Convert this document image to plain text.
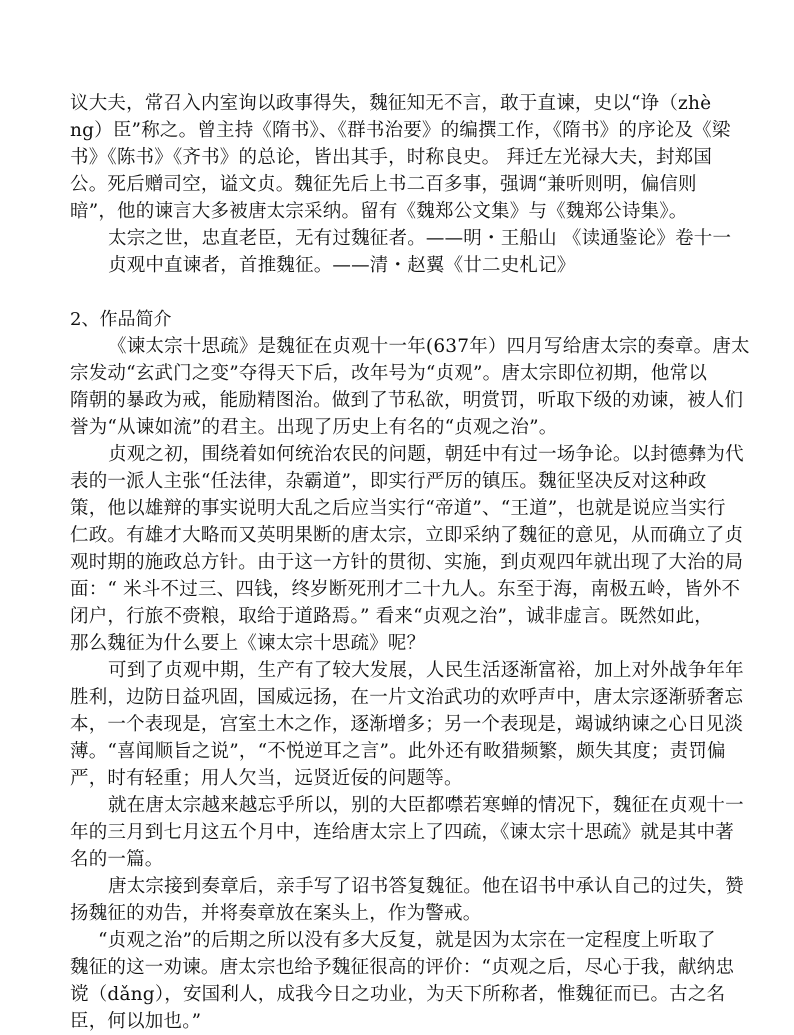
议大夫，常召入内室询以政事得失，魏征知无不言，敢于直谏，史以“诤（zhè
ng）臣”称之。曾主持《隋书》、《群书治要》的编撰工作，《隋书》的序论及《梁
书》《陈书》《齐书》的总论，皆出其手，时称良史。 拜迁左光禄大夫，封郑国
公。死后赠司空，谥文贞。魏征先后上书二百多事，强调“兼听则明，偏信则
暗”，他的谏言大多被唐太宗采纳。留有《魏郑公文集》与《魏郑公诗集》。
太宗之世，忠直老臣，无有过魏征者。——明・王船山 《读通鉴论》卷十一
贞观中直谏者，首推魏征。——清・赵翼《廿二史札记》
2、作品简介
《谏太宗十思疏》是魏征在贞观十一年(637年）四月写给唐太宗的奏章。唐太
宗发动“玄武门之变”夺得天下后，改年号为“贞观”。唐太宗即位初期，他常以
隋朝的暴政为戒，能励精图治。做到了节私欲，明赏罚，听取下级的劝谏，被人们
誉为“从谏如流”的君主。出现了历史上有名的“贞观之治”。
贞观之初，围绕着如何统治农民的问题，朝廷中有过一场争论。以封德彝为代
表的一派人主张“任法律，杂霸道”，即实行严厉的镇压。魏征坚决反对这种政
策，他以雄辩的事实说明大乱之后应当实行“帝道”、“王道”，也就是说应当实行
仁政。有雄才大略而又英明果断的唐太宗，立即采纳了魏征的意见，从而确立了贞
观时期的施政总方针。由于这一方针的贯彻、实施，到贞观四年就出现了大治的局
面：“ 米斗不过三、四钱，终岁断死刑才二十九人。东至于海，南极五岭，皆外不
闭户，行旅不赍粮，取给于道路焉。” 看来“贞观之治”，诚非虚言。既然如此，
那么魏征为什么要上《谏太宗十思疏》呢？
可到了贞观中期，生产有了较大发展，人民生活逐渐富裕，加上对外战争年年
胜利，边防日益巩固，国威远扬，在一片文治武功的欢呼声中，唐太宗逐渐骄奢忘
本，一个表现是，宫室土木之作，逐渐增多；另一个表现是，竭诚纳谏之心日见淡
薄。“喜闻顺旨之说”，“不悦逆耳之言”。此外还有畋猎频繁，颇失其度；责罚偏
严，时有轻重；用人欠当，远贤近佞的问题等。
就在唐太宗越来越忘乎所以，别的大臣都噤若寒蝉的情况下，魏征在贞观十一
年的三月到七月这五个月中，连给唐太宗上了四疏，《谏太宗十思疏》就是其中著
名的一篇。
唐太宗接到奏章后，亲手写了诏书答复魏征。他在诏书中承认自己的过失，赞
扬魏征的劝告，并将奏章放在案头上，作为警戒。
“贞观之治”的后期之所以没有多大反复，就是因为太宗在一定程度上听取了
魏征的这一劝谏。唐太宗也给予魏征很高的评价：“贞观之后，尽心于我，献纳忠
谠（dǎng），安国利人，成我今日之功业，为天下所称者，惟魏征而已。古之名
臣，何以加也。”
